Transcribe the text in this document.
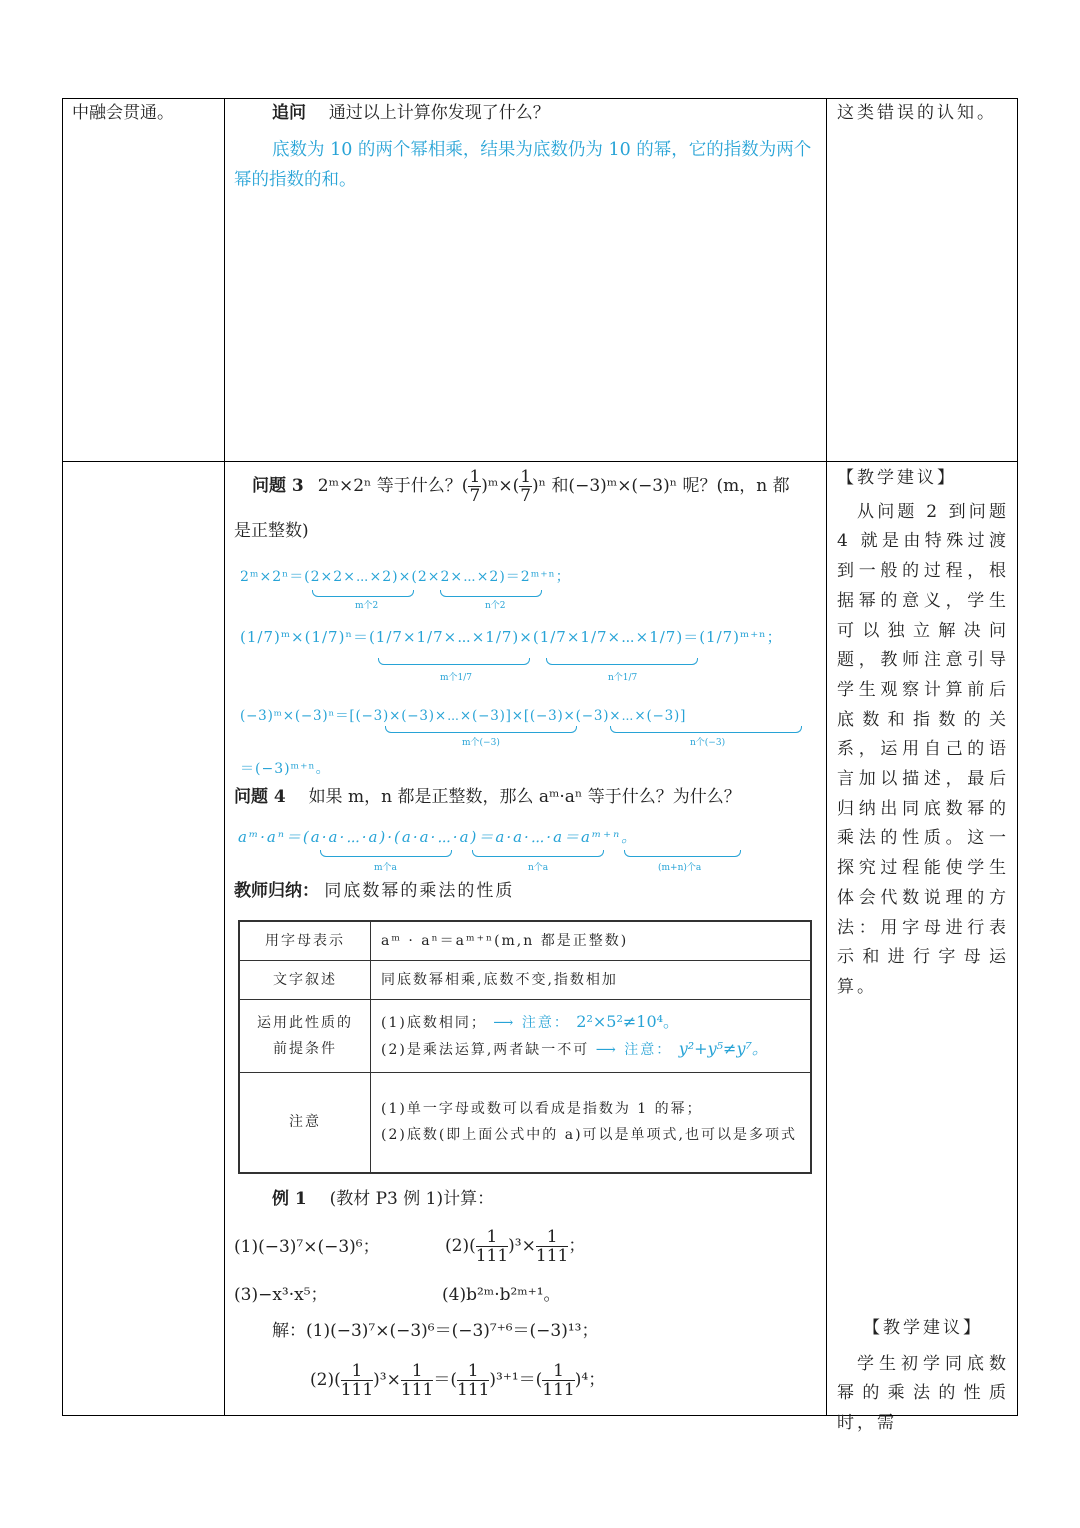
中融会贯通。	追问 通过以上计算你发现了什么？
底数为 10 的两个幂相乘，结果为底数仍为 10 的幂，它的指数为两个幂的指数的和。
这类错误的认知。
问题 3 2ᵐ×2ⁿ 等于什么？( $\frac{1}{7}$ )ᵐ×( $\frac{1}{7} )^n$ 和(−3)ᵐ×(−3)ⁿ 呢？(m，n 都
是正整数)
2ᵐ×2ⁿ＝(2×2×⋯×2)×(2×2×⋯×2)＝2ᵐ⁺ⁿ；
m个2	n个2
(1/7)ᵐ×(1/7)ⁿ＝(1/7×1/7×⋯×1/7)×(1/7×1/7×⋯×1/7)＝(1/7)ᵐ⁺ⁿ；
m个1/7	n个1/7
(−3)ᵐ×(−3)ⁿ＝[(−3)×(−3)×⋯×(−3)]×[(−3)×(−3)×⋯×(−3)]
m个(−3)	n个(−3)
＝(−3)ᵐ⁺ⁿ。
问题 4 如果 m，n 都是正整数，那么 aᵐ·aⁿ 等于什么？为什么？
aᵐ·aⁿ＝(a·a·⋯·a)·(a·a·⋯·a)＝a·a·⋯·a＝aᵐ⁺ⁿ。
m个a	n个a	(m+n)个a
教师归纳： 同底数幂的乘法的性质
用字母表示	aᵐ · aⁿ＝aᵐ⁺ⁿ(m,n 都是正整数)
文字叙述	同底数幂相乘,底数不变,指数相加
运用此性质的前提条件	(1)底数相同； ⟶ 注意： 2²×5²≠10⁴。
(2)是乘法运算,两者缺一不可 ⟶ 注意： y²+y⁵≠y⁷。

注意	(1)单一字母或数可以看成是指数为 1 的幂；
(2)底数(即上面公式中的 a)可以是单项式,也可以是多项式
例 1 (教材 P3 例 1)计算：
(1)(−3)⁷×(−3)⁶；	$(2)( \frac{1}{111} )^3\times \frac{1}{111}$ ；
(3)−x³·x⁵；	(4)b²ᵐ·b²ᵐ⁺¹。
解：(1)(−3)⁷×(−3)⁶＝(−3)⁷⁺⁶＝(−3)¹³；
$(2)( \frac{1}{111} )^3\times \frac{1}{111}$ ＝( $\frac{1}{111} )^{3+1}=( \frac{1}{111} )^4$；
【教学建议】
从问题 2 到问题 4 就是由特殊过渡到一般的过程，根据幂的意义，学生可以独立解决问题，教师注意引导学生观察计算前后底数和指数的关系，运用自己的语言加以描述，最后归纳出同底数幂的乘法的性质。这一探究过程能使学生体会代数说理的方法：用字母进行表示和进行字母运算。
【教学建议】
学生初学同底数幂的乘法的性质时，需
